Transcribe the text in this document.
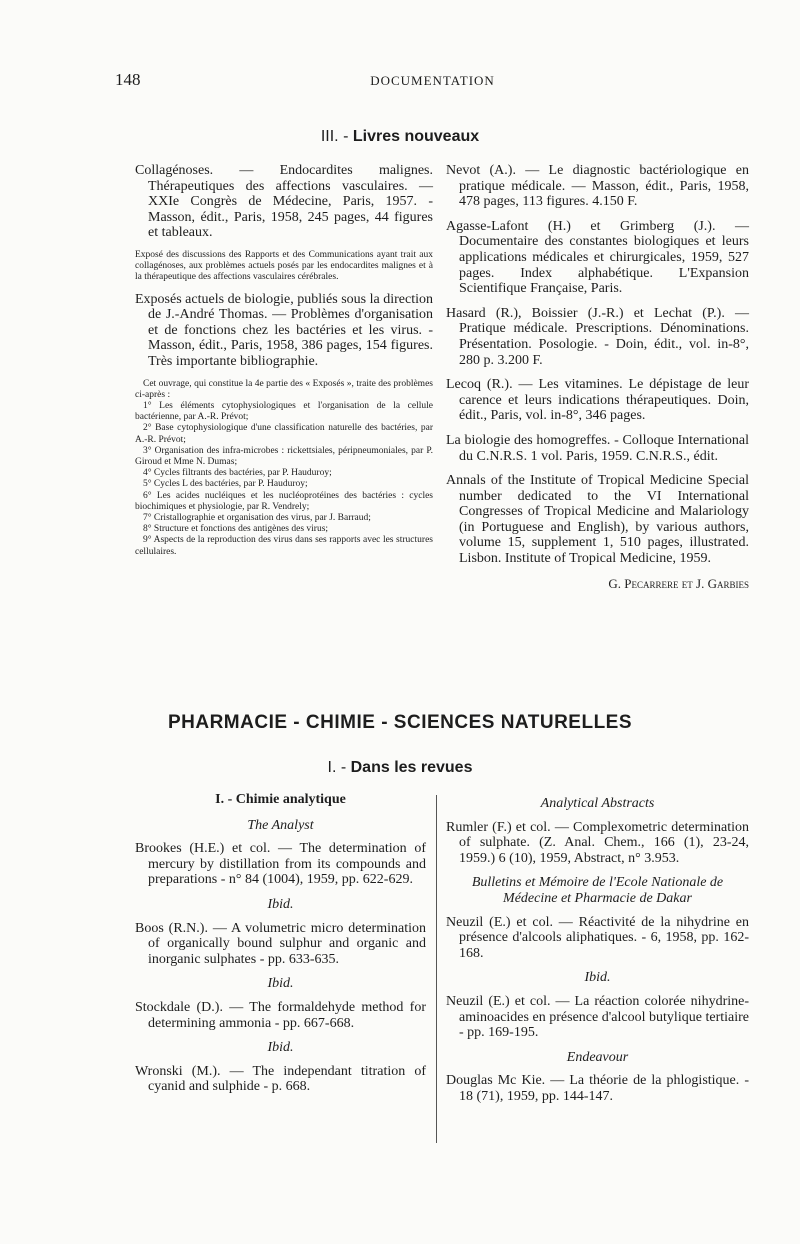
148	DOCUMENTATION
III. - Livres nouveaux

Collagénoses. — Endocardites malignes. Thérapeutiques des affections vasculaires. — XXIe Congrès de Médecine, Paris, 1957. - Masson, édit., Paris, 1958, 245 pages, 44 figures et tableaux.

Exposé des discussions des Rapports et des Communications ayant trait aux collagénoses, aux problèmes actuels posés par les endocardites malignes et à la thérapeutique des affections vasculaires cérébrales.

Exposés actuels de biologie, publiés sous la direction de J.-André Thomas. — Problèmes d'organisation et de fonctions chez les bactéries et les virus. - Masson, édit., Paris, 1958, 386 pages, 154 figures. Très importante bibliographie.

Cet ouvrage, qui constitue la 4e partie des « Exposés », traite des problèmes ci-après :

1° Les éléments cytophysiologiques et l'organisation de la cellule bactérienne, par A.-R. Prévot;

2° Base cytophysiologique d'une classification naturelle des bactéries, par A.-R. Prévot;

3° Organisation des infra-microbes : rickettsiales, péripneumoniales, par P. Giroud et Mme N. Dumas;

4° Cycles filtrants des bactéries, par P. Hauduroy;

5° Cycles L des bactéries, par P. Hauduroy;

6° Les acides nucléiques et les nucléoprotéines des bactéries : cycles biochimiques et physiologie, par R. Vendrely;

7° Cristallographie et organisation des virus, par J. Barraud;

8° Structure et fonctions des antigènes des virus;

9° Aspects de la reproduction des virus dans ses rapports avec les structures cellulaires.

Nevot (A.). — Le diagnostic bactériologique en pratique médicale. — Masson, édit., Paris, 1958, 478 pages, 113 figures. 4.150 F.

Agasse-Lafont (H.) et Grimberg (J.). — Documentaire des constantes biologiques et leurs applications médicales et chirurgicales, 1959, 527 pages. Index alphabétique. L'Expansion Scientifique Française, Paris.

Hasard (R.), Boissier (J.-R.) et Lechat (P.). — Pratique médicale. Prescriptions. Dénominations. Présentation. Posologie. - Doin, édit., vol. in-8°, 280 p. 3.200 F.

Lecoq (R.). — Les vitamines. Le dépistage de leur carence et leurs indications thérapeutiques. Doin, édit., Paris, vol. in-8°, 346 pages.

La biologie des homogreffes. - Colloque International du C.N.R.S. 1 vol. Paris, 1959. C.N.R.S., édit.

Annals of the Institute of Tropical Medicine Special number dedicated to the VI International Congresses of Tropical Medicine and Malariology (in Portuguese and English), by various authors, volume 15, supplement 1, 510 pages, illustrated. Lisbon. Institute of Tropical Medicine, 1959.

G. Pecarrere et J. Garbies

PHARMACIE - CHIMIE - SCIENCES NATURELLES
I. - Dans les revues
I. - Chimie analytique
The Analyst

Brookes (H.E.) et col. — The determination of mercury by distillation from its compounds and preparations - n° 84 (1004), 1959, pp. 622-629.

Ibid.

Boos (R.N.). — A volumetric micro determination of organically bound sulphur and organic and inorganic sulphates - pp. 633-635.

Ibid.

Stockdale (D.). — The formaldehyde method for determining ammonia - pp. 667-668.

Ibid.

Wronski (M.). — The independant titration of cyanid and sulphide - p. 668.

Analytical Abstracts

Rumler (F.) et col. — Complexometric determination of sulphate. (Z. Anal. Chem., 166 (1), 23-24, 1959.) 6 (10), 1959, Abstract, n° 3.953.

Bulletins et Mémoire de l'Ecole Nationale de Médecine et Pharmacie de Dakar

Neuzil (E.) et col. — Réactivité de la nihydrine en présence d'alcools aliphatiques. - 6, 1958, pp. 162-168.

Ibid.

Neuzil (E.) et col. — La réaction colorée nihydrine-aminoacides en présence d'alcool butylique tertiaire - pp. 169-195.

Endeavour

Douglas Mc Kie. — La théorie de la phlogistique. - 18 (71), 1959, pp. 144-147.
